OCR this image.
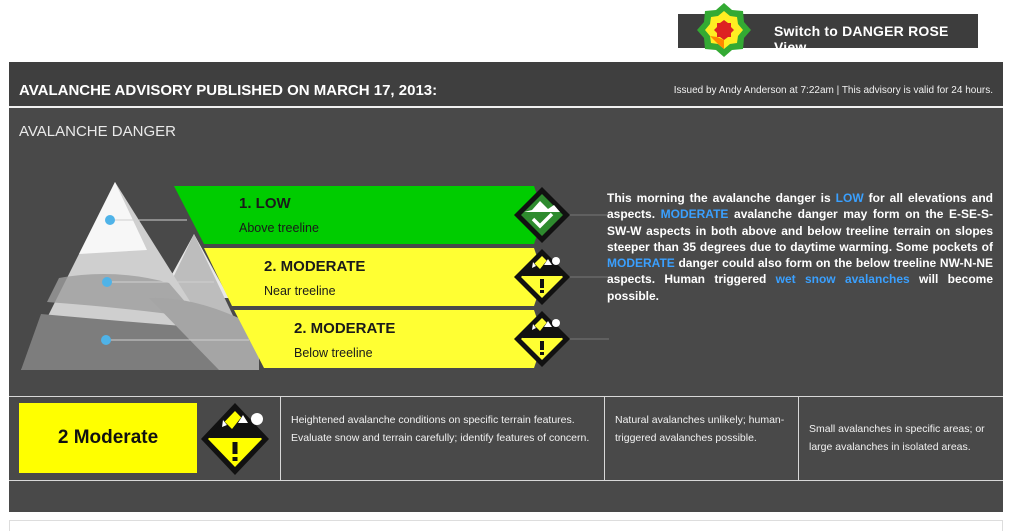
Switch to DANGER ROSE View
AVALANCHE ADVISORY PUBLISHED ON MARCH 17, 2013:	Issued by Andy Anderson at 7:22am | This advisory is valid for 24 hours.
AVALANCHE DANGER
1. LOW
Above treeline
2. MODERATE
Near treeline
2. MODERATE
Below treeline
This morning the avalanche danger is LOW for all elevations and aspects. MODERATE avalanche danger may form on the E-SE-S-SW-W aspects in both above and below treeline terrain on slopes steeper than 35 degrees due to daytime warming. Some pockets of MODERATE danger could also form on the below treeline NW-N-NE aspects. Human triggered wet snow avalanches will become possible.
2 Moderate
Heightened avalanche conditions on specific terrain features. Evaluate snow and terrain carefully; identify features of concern.
Natural avalanches unlikely; human-triggered avalanches possible.
Small avalanches in specific areas; or large avalanches in isolated areas.
